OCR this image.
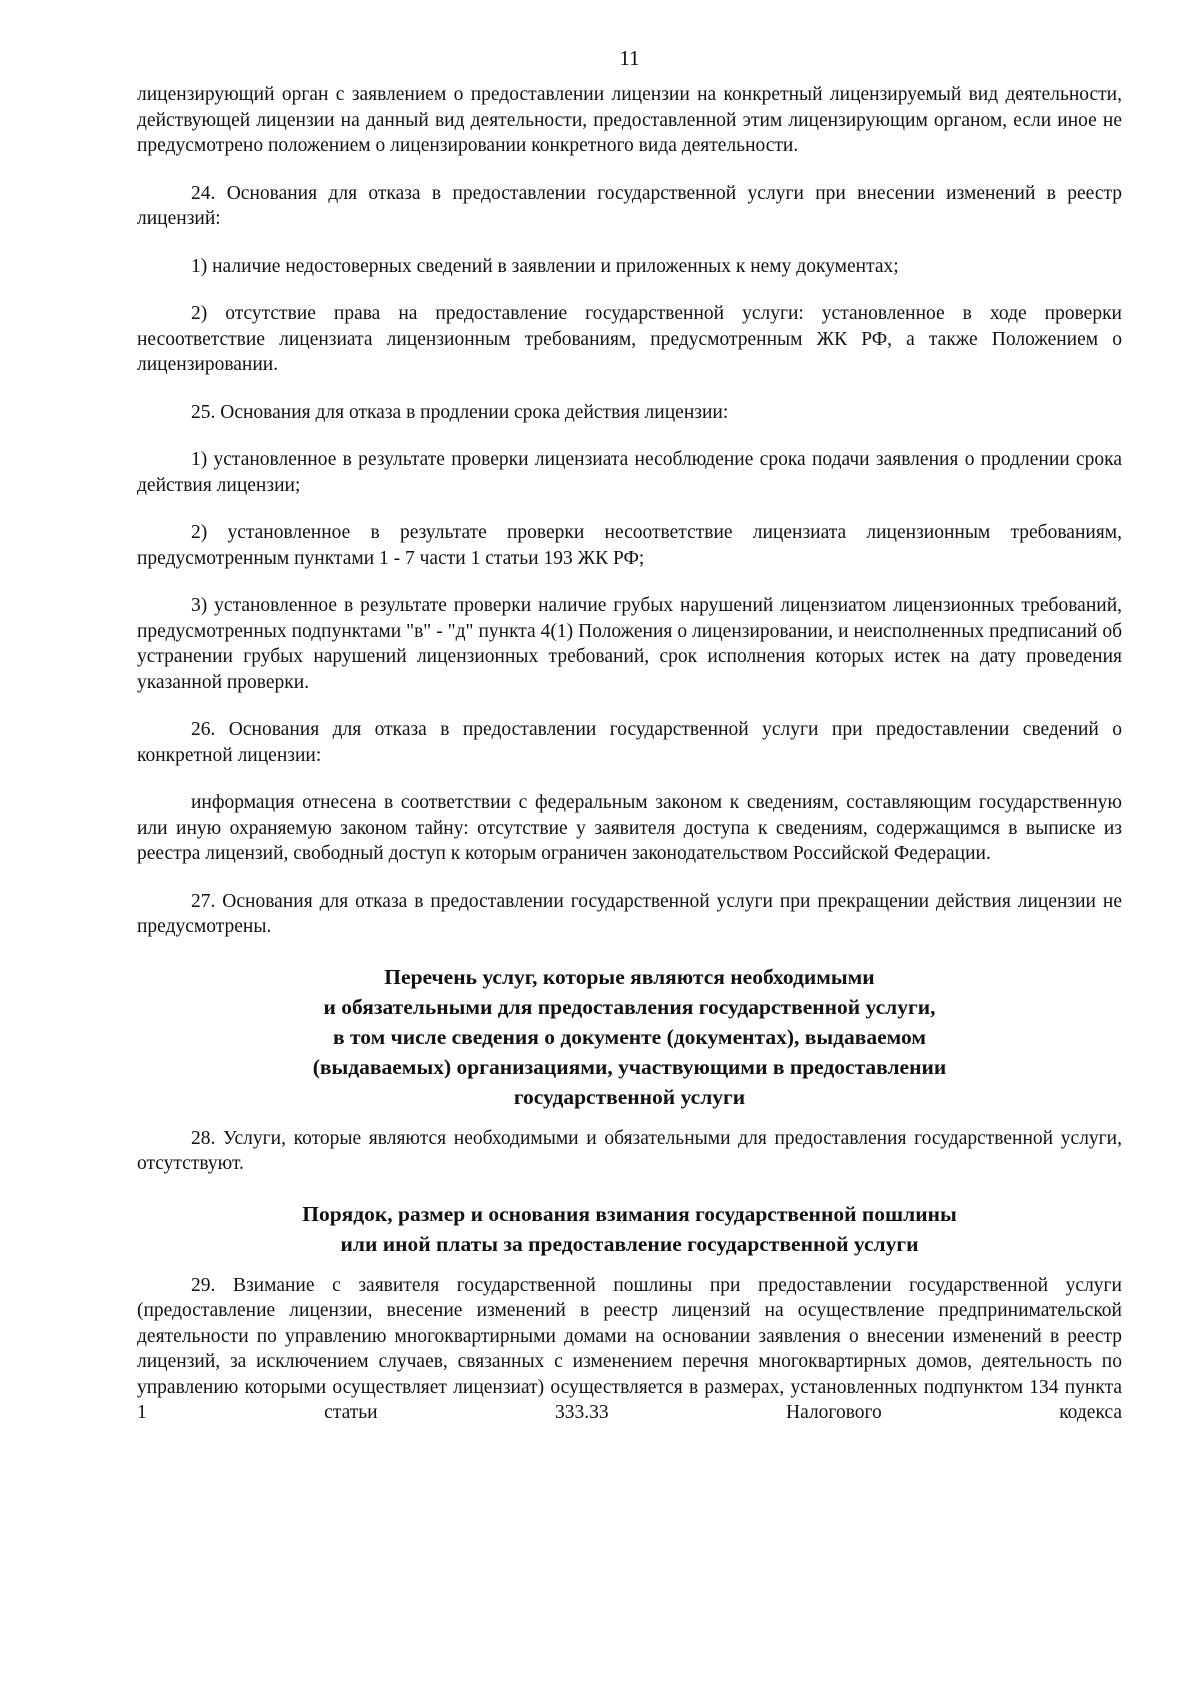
11

лицензирующий орган с заявлением о предоставлении лицензии на конкретный лицензируемый вид деятельности, действующей лицензии на данный вид деятельности, предоставленной этим лицензирующим органом, если иное не предусмотрено положением о лицензировании конкретного вида деятельности.

24. Основания для отказа в предоставлении государственной услуги при внесении изменений в реестр лицензий:

1) наличие недостоверных сведений в заявлении и приложенных к нему документах;

2) отсутствие права на предоставление государственной услуги: установленное в ходе проверки несоответствие лицензиата лицензионным требованиям, предусмотренным ЖК РФ, а также Положением о лицензировании.

25. Основания для отказа в продлении срока действия лицензии:

1) установленное в результате проверки лицензиата несоблюдение срока подачи заявления о продлении срока действия лицензии;

2) установленное в результате проверки несоответствие лицензиата лицензионным требованиям, предусмотренным пунктами 1 - 7 части 1 статьи 193 ЖК РФ;

3) установленное в результате проверки наличие грубых нарушений лицензиатом лицензионных требований, предусмотренных подпунктами "в" - "д" пункта 4(1) Положения о лицензировании, и неисполненных предписаний об устранении грубых нарушений лицензионных требований, срок исполнения которых истек на дату проведения указанной проверки.

26. Основания для отказа в предоставлении государственной услуги при предоставлении сведений о конкретной лицензии:

информация отнесена в соответствии с федеральным законом к сведениям, составляющим государственную или иную охраняемую законом тайну: отсутствие у заявителя доступа к сведениям, содержащимся в выписке из реестра лицензий, свободный доступ к которым ограничен законодательством Российской Федерации.

27. Основания для отказа в предоставлении государственной услуги при прекращении действия лицензии не предусмотрены.

Перечень услуг, которые являются необходимыми
и обязательными для предоставления государственной услуги,
в том числе сведения о документе (документах), выдаваемом
(выдаваемых) организациями, участвующими в предоставлении
государственной услуги

28. Услуги, которые являются необходимыми и обязательными для предоставления государственной услуги, отсутствуют.

Порядок, размер и основания взимания государственной пошлины
или иной платы за предоставление государственной услуги

29. Взимание с заявителя государственной пошлины при предоставлении государственной услуги (предоставление лицензии, внесение изменений в реестр лицензий на осуществление предпринимательской деятельности по управлению многоквартирными домами на основании заявления о внесении изменений в реестр лицензий, за исключением случаев, связанных с изменением перечня многоквартирных домов, деятельность по управлению которыми осуществляет лицензиат) осуществляется в размерах, установленных подпунктом 134 пункта 1 статьи 333.33 Налогового кодекса
